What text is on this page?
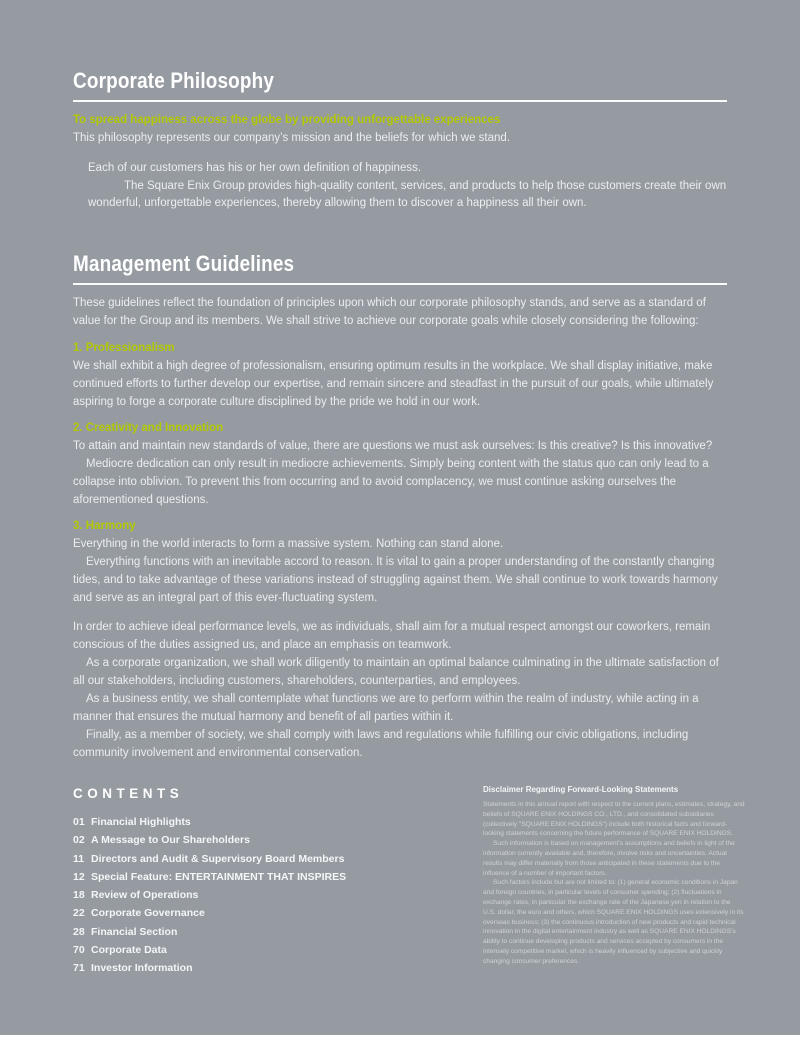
Corporate Philosophy

To spread happiness across the globe by providing unforgettable experiences

This philosophy represents our company’s mission and the beliefs for which we stand.

Each of our customers has his or her own definition of happiness.
The Square Enix Group provides high-quality content, services, and products to help those customers create their own wonderful, unforgettable experiences, thereby allowing them to discover a happiness all their own.
Management Guidelines

These guidelines reflect the foundation of principles upon which our corporate philosophy stands, and serve as a standard of value for the Group and its members. We shall strive to achieve our corporate goals while closely considering the following:

1. Professionalism

We shall exhibit a high degree of professionalism, ensuring optimum results in the workplace. We shall display initiative, make continued efforts to further develop our expertise, and remain sincere and steadfast in the pursuit of our goals, while ultimately aspiring to forge a corporate culture disciplined by the pride we hold in our work.

2. Creativity and Innovation

To attain and maintain new standards of value, there are questions we must ask ourselves: Is this creative? Is this innovative?

Mediocre dedication can only result in mediocre achievements. Simply being content with the status quo can only lead to a collapse into oblivion. To prevent this from occurring and to avoid complacency, we must continue asking ourselves the aforementioned questions.

3. Harmony

Everything in the world interacts to form a massive system. Nothing can stand alone.

Everything functions with an inevitable accord to reason. It is vital to gain a proper understanding of the constantly changing tides, and to take advantage of these variations instead of struggling against them. We shall continue to work towards harmony and serve as an integral part of this ever-fluctuating system.

In order to achieve ideal performance levels, we as individuals, shall aim for a mutual respect amongst our coworkers, remain conscious of the duties assigned us, and place an emphasis on teamwork.

As a corporate organization, we shall work diligently to maintain an optimal balance culminating in the ultimate satisfaction of all our stakeholders, including customers, shareholders, counterparties, and employees.

As a business entity, we shall contemplate what functions we are to perform within the realm of industry, while acting in a manner that ensures the mutual harmony and benefit of all parties within it.

Finally, as a member of society, we shall comply with laws and regulations while fulfilling our civic obligations, including community involvement and environmental conservation.

CONTENTS
01 Financial Highlights
02 A Message to Our Shareholders
11 Directors and Audit & Supervisory Board Members
12 Special Feature: ENTERTAINMENT THAT INSPIRES
18 Review of Operations
22 Corporate Governance
28 Financial Section
70 Corporate Data
71 Investor Information
Disclaimer Regarding Forward-Looking Statements

Statements in this annual report with respect to the current plans, estimates, strategy, and beliefs of SQUARE ENIX HOLDINGS CO., LTD., and consolidated subsidiaries (collectively "SQUARE ENIX HOLDINGS") include both historical facts and forward-looking statements concerning the future performance of SQUARE ENIX HOLDINGS.

Such information is based on management’s assumptions and beliefs in light of the information currently available and, therefore, involve risks and uncertainties. Actual results may differ materially from those anticipated in these statements due to the influence of a number of important factors.

Such factors include but are not limited to: (1) general economic conditions in Japan and foreign countries, in particular levels of consumer spending; (2) fluctuations in exchange rates, in particular the exchange rate of the Japanese yen in relation to the U.S. dollar, the euro and others, which SQUARE ENIX HOLDINGS uses extensively in its overseas business; (3) the continuous introduction of new products and rapid technical innovation in the digital entertainment industry as well as SQUARE ENIX HOLDINGS’s ability to continue developing products and services accepted by consumers in the intensely competitive market, which is heavily influenced by subjective and quickly changing consumer preferences.
